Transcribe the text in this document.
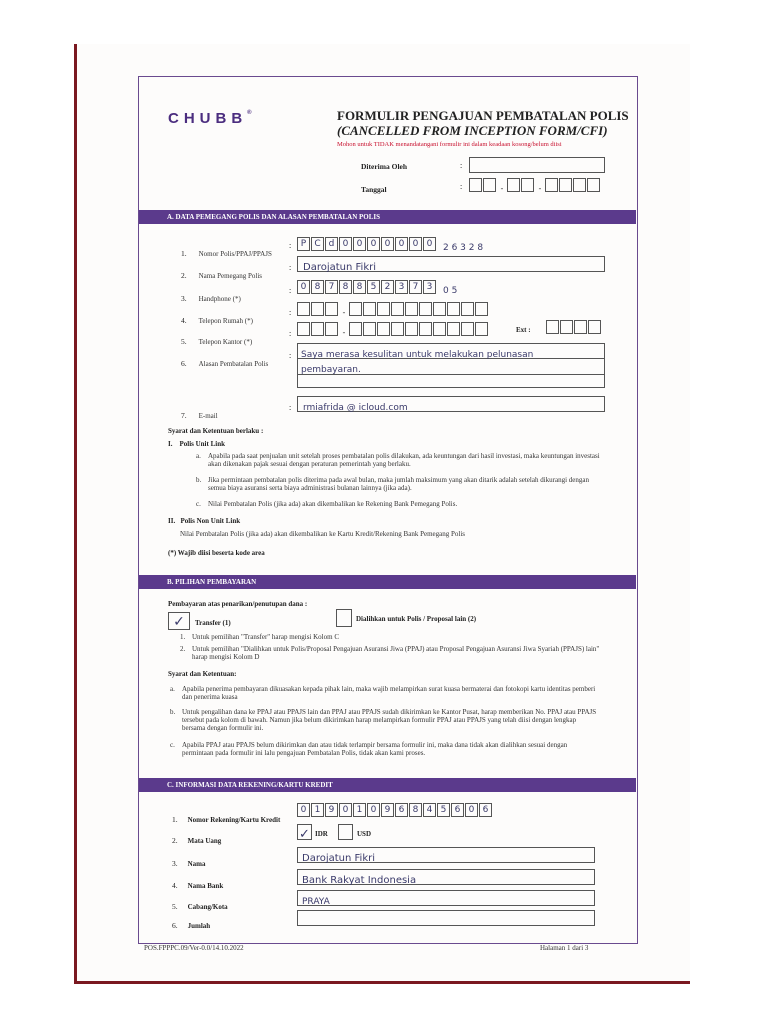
CHUBB®	FORMULIR PENGAJUAN PEMBATALAN POLIS
(CANCELLED FROM INCEPTION FORM/CFI)
Mohon untuk TIDAK menandatangani formulir ini dalam keadaan kosong/belum diisi
Diterima Oleh	:
Tanggal	:	-	-
A. DATA PEMEGANG POLIS DAN ALASAN PEMBATALAN POLIS
1. Nomor Polis/PPAJ/PPAJS
:	P C d 0 0 0 0 0 0 0 2 6 3 2 8
2. Nama Pemegang Polis
:	Darojatun Fikri
3. Handphone (*)
:	0 8 7 8 8 5 2 3 7 3 0 5
4. Telepon Rumah (*)
:	-
5. Telepon Kantor (*)
:	-	Ext :
6. Alasan Pembatalan Polis
:	Saya merasa kesulitan untuk melakukan pelunasan
pembayaran.
7. E-mail
:	rmiafrida @ icloud.com
Syarat dan Ketentuan berlaku :
I.    Polis Unit Link
a. Apabila pada saat penjualan unit setelah proses pembatalan polis dilakukan, ada keuntungan dari hasil investasi, maka keuntungan investasi akan dikenakan pajak sesuai dengan peraturan pemerintah yang berlaku.
b. Jika permintaan pembatalan polis diterima pada awal bulan, maka jumlah maksimum yang akan ditarik adalah setelah dikurangi dengan semua biaya asuransi serta biaya administrasi bulanan lainnya (jika ada).
c. Nilai Pembatalan Polis (jika ada) akan dikembalikan ke Rekening Bank Pemegang Polis.
II.   Polis Non Unit Link
Nilai Pembatalan Polis (jika ada) akan dikembalikan ke Kartu Kredit/Rekening Bank Pemegang Polis
(*) Wajib diisi beserta kode area
B. PILIHAN PEMBAYARAN
Pembayaran atas penarikan/penutupan dana :
✓	Transfer (1)	Dialihkan untuk Polis / Proposal lain (2)
1. Untuk pemilihan "Transfer" harap mengisi Kolom C
2. Untuk pemilihan "Dialihkan untuk Polis/Proposal Pengajuan Asuransi Jiwa (PPAJ) atau Proposal Pengajuan Asuransi Jiwa Syariah (PPAJS) lain" harap mengisi Kolom D
Syarat dan Ketentuan:
a. Apabila penerima pembayaran dikuasakan kepada pihak lain, maka wajib melampirkan surat kuasa bermaterai dan fotokopi kartu identitas pemberi dan penerima kuasa
b. Untuk pengalihan dana ke PPAJ atau PPAJS lain dan PPAJ atau PPAJS sudah dikirimkan ke Kantor Pusat, harap memberikan No. PPAJ atau PPAJS tersebut pada kolom di bawah. Namun jika belum dikirimkan harap melampirkan formulir PPAJ atau PPAJS yang telah diisi dengan lengkap bersama dengan formulir ini.
c. Apabila PPAJ atau PPAJS belum dikirimkan dan atau tidak terlampir bersama formulir ini, maka dana tidak akan dialihkan sesuai dengan permintaan pada formulir ini lalu pengajuan Pembatalan Polis, tidak akan kami proses.
C. INFORMASI DATA REKENING/KARTU KREDIT
1. Nomor Rekening/Kartu Kredit
0 1 9 0 1 0 9 6 8 4 5 6 0 6
2. Mata Uang	✓ IDR	USD
3. Nama	Darojatun Fikri
4. Nama Bank	Bank Rakyat Indonesia
5. Cabang/Kota	PRAYA
6. Jumlah
POS.FPPPC.09/Ver-0.0/14.10.2022	Halaman 1 dari 3
